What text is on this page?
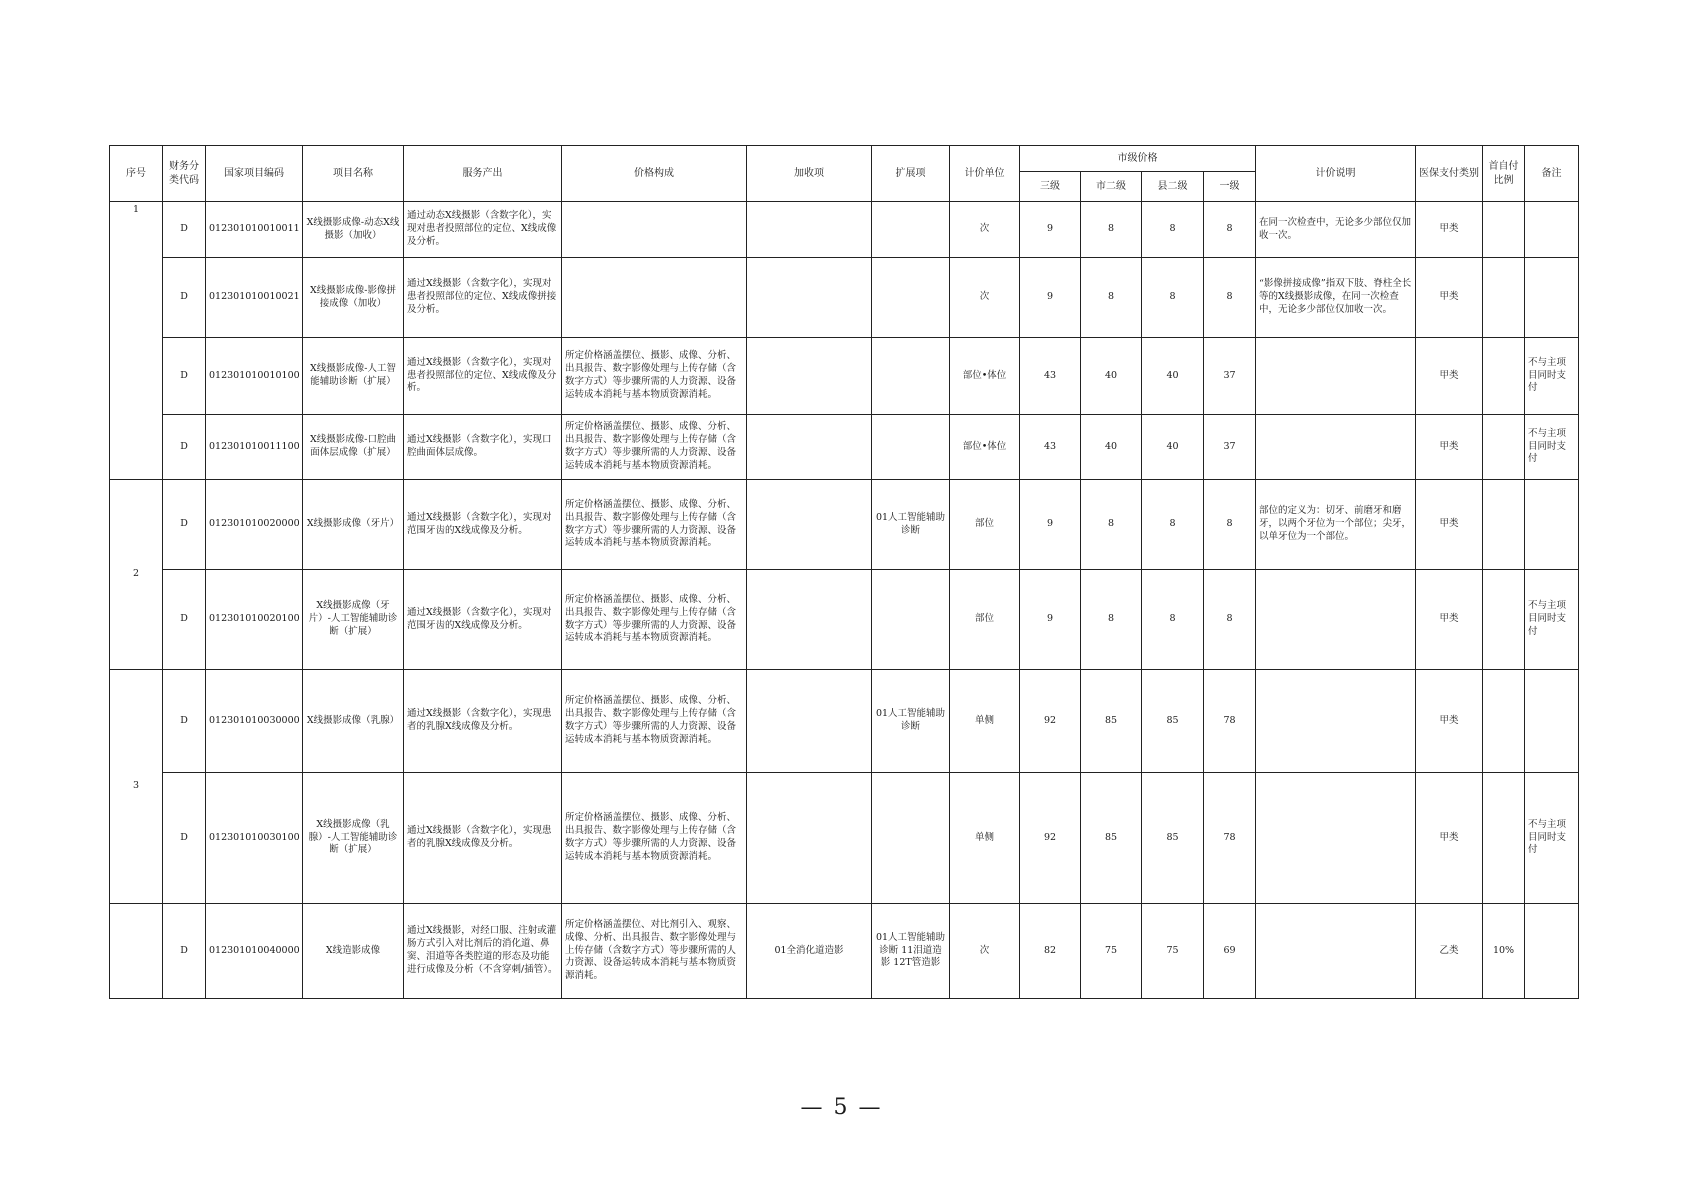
序号	财务分类代码	国家项目编码	项目名称	服务产出	价格构成	加收项	扩展项	计价单位	市级价格				计价说明	医保支付类别	首自付比例	备注
									三级	市二级	县二级	一级				
1	D	012301010010011	X线摄影成像-动态X线摄影（加收）	通过动态X线摄影（含数字化），实现对患者投照部位的定位、X线成像及分析。				次	9	8	8	8	在同一次检查中，无论多少部位仅加收一次。	甲类		
	D	012301010010021	X线摄影成像-影像拼接成像（加收）	通过X线摄影（含数字化），实现对患者投照部位的定位、X线成像拼接及分析。				次	9	8	8	8	“影像拼接成像”指双下肢、脊柱全长等的X线摄影成像，在同一次检查中，无论多少部位仅加收一次。	甲类		
	D	012301010010100	X线摄影成像-人工智能辅助诊断（扩展）	通过X线摄影（含数字化），实现对患者投照部位的定位、X线成像及分析。	所定价格涵盖摆位、摄影、成像、分析、出具报告、数字影像处理与上传存储（含数字方式）等步骤所需的人力资源、设备运转成本消耗与基本物质资源消耗。			部位•体位	43	40	40	37		甲类		不与主项目同时支付
	D	012301010011100	X线摄影成像-口腔曲面体层成像（扩展）	通过X线摄影（含数字化），实现口腔曲面体层成像。	所定价格涵盖摆位、摄影、成像、分析、出具报告、数字影像处理与上传存储（含数字方式）等步骤所需的人力资源、设备运转成本消耗与基本物质资源消耗。			部位•体位	43	40	40	37		甲类		不与主项目同时支付
2	D	012301010020000	X线摄影成像（牙片）	通过X线摄影（含数字化），实现对范围牙齿的X线成像及分析。	所定价格涵盖摆位、摄影、成像、分析、出具报告、数字影像处理与上传存储（含数字方式）等步骤所需的人力资源、设备运转成本消耗与基本物质资源消耗。		01人工智能辅助诊断	部位	9	8	8	8	部位的定义为：切牙、前磨牙和磨牙，以两个牙位为一个部位；尖牙，以单牙位为一个部位。	甲类		
	D	012301010020100	X线摄影成像（牙片）-人工智能辅助诊断（扩展）	通过X线摄影（含数字化），实现对范围牙齿的X线成像及分析。	所定价格涵盖摆位、摄影、成像、分析、出具报告、数字影像处理与上传存储（含数字方式）等步骤所需的人力资源、设备运转成本消耗与基本物质资源消耗。			部位	9	8	8	8		甲类		不与主项目同时支付
3	D	012301010030000	X线摄影成像（乳腺）	通过X线摄影（含数字化），实现患者的乳腺X线成像及分析。	所定价格涵盖摆位、摄影、成像、分析、出具报告、数字影像处理与上传存储（含数字方式）等步骤所需的人力资源、设备运转成本消耗与基本物质资源消耗。		01人工智能辅助诊断	单侧	92	85	85	78		甲类		
	D	012301010030100	X线摄影成像（乳腺）-人工智能辅助诊断（扩展）	通过X线摄影（含数字化），实现患者的乳腺X线成像及分析。	所定价格涵盖摆位、摄影、成像、分析、出具报告、数字影像处理与上传存储（含数字方式）等步骤所需的人力资源、设备运转成本消耗与基本物质资源消耗。			单侧	92	85	85	78		甲类		不与主项目同时支付
	D	012301010040000	X线造影成像	通过X线摄影，对经口服、注射或灌肠方式引入对比剂后的消化道、鼻窦、泪道等各类腔道的形态及功能进行成像及分析（不含穿刺/插管）。	所定价格涵盖摆位、对比剂引入、观察、成像、分析、出具报告、数字影像处理与上传存储（含数字方式）等步骤所需的人力资源、设备运转成本消耗与基本物质资源消耗。	01全消化道造影	01人工智能辅助诊断 11泪道造影 12T管造影	次	82	75	75	69		乙类	10%	
— 5 —
